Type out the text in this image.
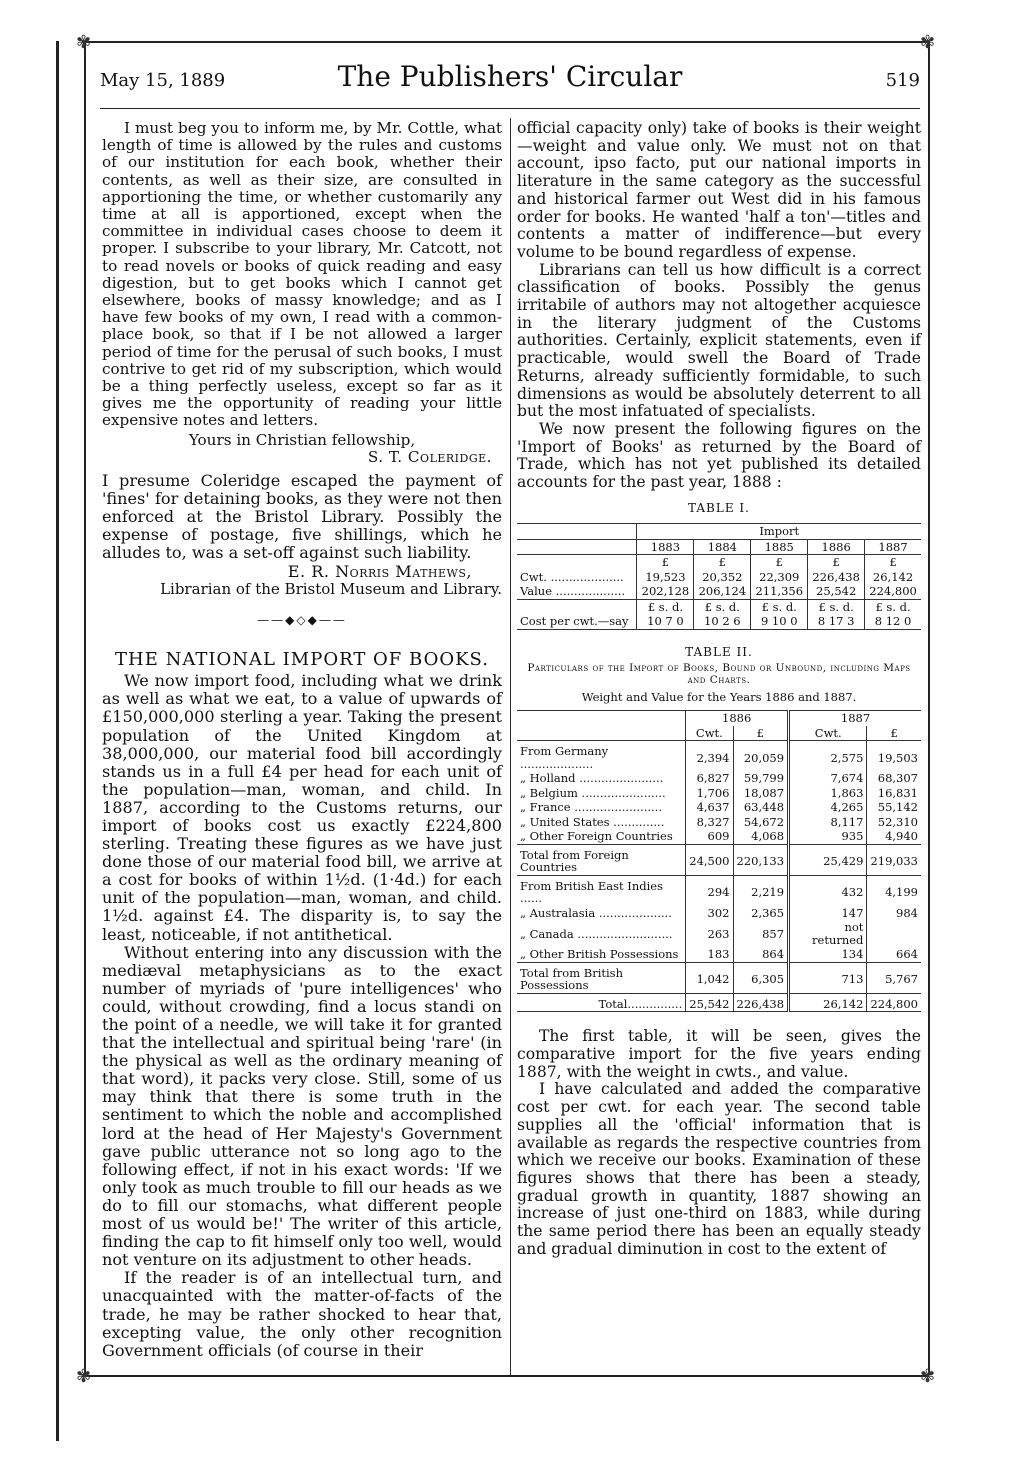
✾	✾
✾	✾
May 15, 1889	The Publishers' Circular	519

I must beg you to inform me, by Mr. Cottle, what length of time is allowed by the rules and customs of our institution for each book, whether their contents, as well as their size, are consulted in apportioning the time, or whether customarily any time at all is apportioned, except when the committee in individual cases choose to deem it proper. I subscribe to your library, Mr. Catcott, not to read novels or books of quick reading and easy digestion, but to get books which I cannot get elsewhere, books of massy knowledge; and as I have few books of my own, I read with a common-place book, so that if I be not allowed a larger period of time for the perusal of such books, I must contrive to get rid of my subscription, which would be a thing perfectly useless, except so far as it gives me the opportunity of reading your little expensive notes and letters.

Yours in Christian fellowship,

S. T. Coleridge.

I presume Coleridge escaped the payment of 'fines' for detaining books, as they were not then enforced at the Bristol Library. Possibly the expense of postage, five shillings, which he alludes to, was a set-off against such liability.

E. R. Norris Mathews,

Librarian of the Bristol Museum and Library.

——◆◇◆——
THE NATIONAL IMPORT OF BOOKS.

We now import food, including what we drink as well as what we eat, to a value of upwards of £150,000,000 sterling a year. Taking the present population of the United Kingdom at 38,000,000, our material food bill accordingly stands us in a full £4 per head for each unit of the population—man, woman, and child. In 1887, according to the Customs returns, our import of books cost us exactly £224,800 sterling. Treating these figures as we have just done those of our material food bill, we arrive at a cost for books of within 1½d. (1·4d.) for each unit of the population—man, woman, and child. 1½d. against £4. The disparity is, to say the least, noticeable, if not antithetical.

Without entering into any discussion with the mediæval metaphysicians as to the exact number of myriads of 'pure intelligences' who could, without crowding, find a locus standi on the point of a needle, we will take it for granted that the intellectual and spiritual being 'rare' (in the physical as well as the ordinary meaning of that word), it packs very close. Still, some of us may think that there is some truth in the sentiment to which the noble and accomplished lord at the head of Her Majesty's Government gave public utterance not so long ago to the following effect, if not in his exact words: 'If we only took as much trouble to fill our heads as we do to fill our stomachs, what different people most of us would be!' The writer of this article, finding the cap to fit himself only too well, would not venture on its adjustment to other heads.

If the reader is of an intellectual turn, and unacquainted with the matter-of-facts of the trade, he may be rather shocked to hear that, excepting value, the only other recognition Government officials (of course in their

official capacity only) take of books is their weight—weight and value only. We must not on that account, ipso facto, put our national imports in literature in the same category as the successful and historical farmer out West did in his famous order for books. He wanted 'half a ton'—titles and contents a matter of indifference—but every volume to be bound regardless of expense.

Librarians can tell us how difficult is a correct classification of books. Possibly the genus irritabile of authors may not altogether acquiesce in the literary judgment of the Customs authorities. Certainly, explicit statements, even if practicable, would swell the Board of Trade Returns, already sufficiently formidable, to such dimensions as would be absolutely deterrent to all but the most infatuated of specialists.

We now present the following figures on the 'Import of Books' as returned by the Board of Trade, which has not yet published its detailed accounts for the past year, 1888 :

TABLE I.
	Import				
	1883	1884	1885	1886	1887
	£	£	£	£	£
Cwt. ....................	19,523	20,352	22,309	226,438	26,142
Value ...................	202,128	206,124	211,356	25,542	224,800
	£ s. d.	£ s. d.	£ s. d.	£ s. d.	£ s. d.
Cost per cwt.—say	10 7 0	10 2 6	9 10 0	8 17 3	8 12 0
TABLE II.
Particulars of the Import of Books, Bound or Unbound, including Maps and Charts.
Weight and Value for the Years 1886 and 1887.
	1886		1887	
	Cwt.	£	Cwt.	£
From Germany ....................	2,394	20,059	2,575	19,503
„ Holland .......................	6,827	59,799	7,674	68,307
„ Belgium .......................	1,706	18,087	1,863	16,831
„ France ........................	4,637	63,448	4,265	55,142
„ United States ..............	8,327	54,672	8,117	52,310
„ Other Foreign Countries	609	4,068	935	4,940
Total from Foreign Countries	24,500	220,133	25,429	219,033
From British East Indies ......	294	2,219	432	4,199
„ Australasia ....................	302	2,365	147	984
„ Canada ..........................	263	857	not returned	
„ Other British Possessions	183	864	134	664
Total from British Possessions	1,042	6,305	713	5,767
Total...............	25,542	226,438	26,142	224,800

The first table, it will be seen, gives the comparative import for the five years ending 1887, with the weight in cwts., and value.

I have calculated and added the comparative cost per cwt. for each year. The second table supplies all the 'official' information that is available as regards the respective countries from which we receive our books. Examination of these figures shows that there has been a steady, gradual growth in quantity, 1887 showing an increase of just one-third on 1883, while during the same period there has been an equally steady and gradual diminution in cost to the extent of
